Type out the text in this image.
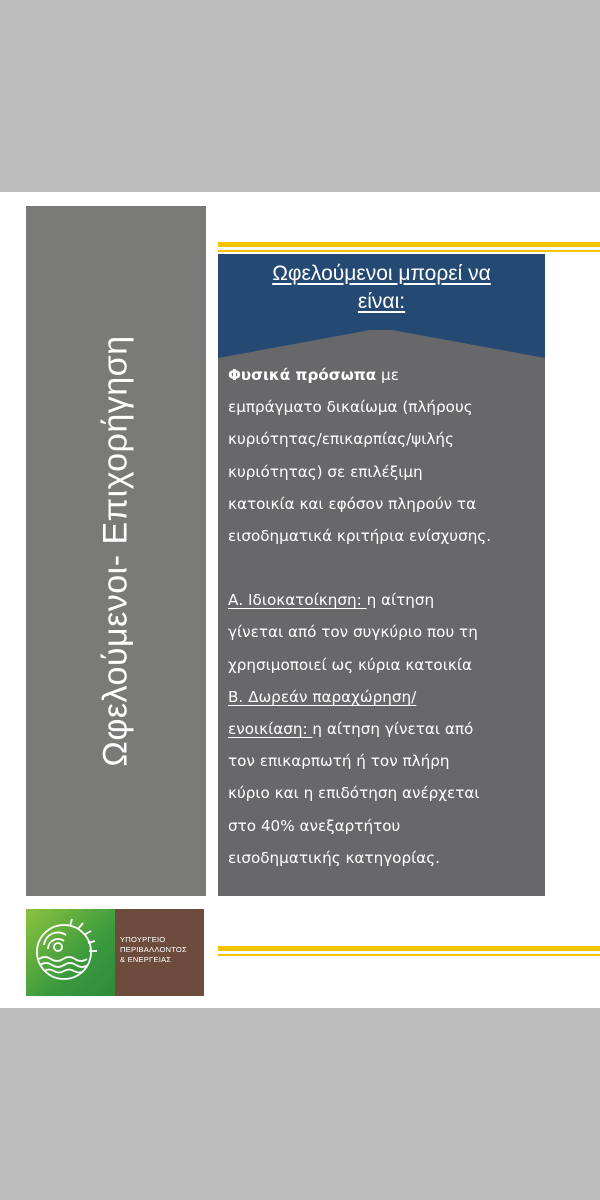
Ωφελούμενοι- Επιχορήγηση
Ωφελούμενοι μπορεί να
είναι:

Φυσικά πρόσωπα με

εμπράγματο δικαίωμα (πλήρους

κυριότητας/επικαρπίας/ψιλής

κυριότητας) σε επιλέξιμη

κατοικία και εφόσον πληρούν τα

εισοδηματικά κριτήρια ενίσχυσης.

Α. Ιδιοκατοίκηση: η αίτηση

γίνεται από τον συγκύριο που τη

χρησιμοποιεί ως κύρια κατοικία

Β. Δωρεάν παραχώρηση/

ενοικίαση: η αίτηση γίνεται από

τον επικαρπωτή ή τον πλήρη

κύριο και η επιδότηση ανέρχεται

στο 40% ανεξαρτήτου

εισοδηματικής κατηγορίας.

ΥΠΟΥΡΓΕΙΟ
ΠΕΡΙΒΑΛΛΟΝΤΟΣ
& ΕΝΕΡΓΕΙΑΣ
